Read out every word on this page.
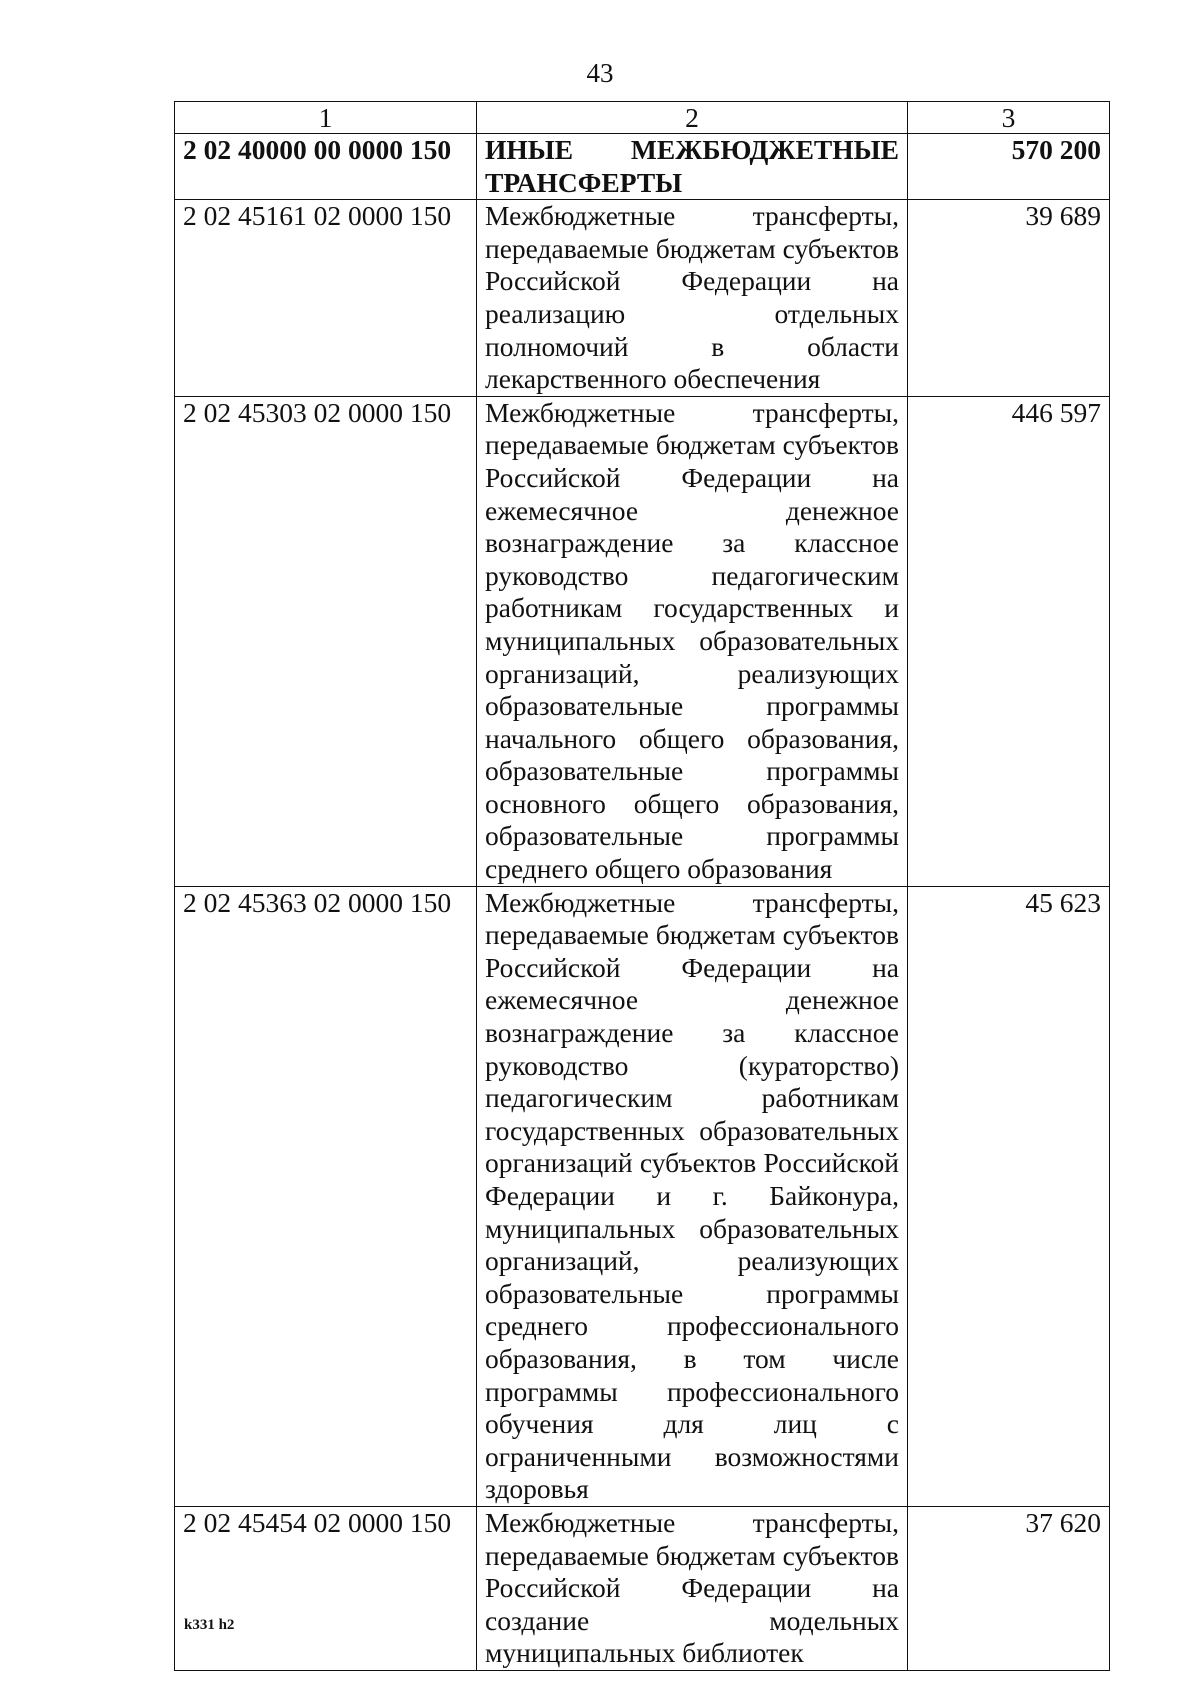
43
1	2	3
2 02 40000 00 0000 150	ИНЫЕ МЕЖБЮДЖЕТНЫЕ ТРАНСФЕРТЫ	570 200
2 02 45161 02 0000 150	Межбюджетные трансферты, передаваемые бюджетам субъектов Российской Федерации на реализацию отдельных полномочий в области лекарственного обеспечения	39 689
2 02 45303 02 0000 150	Межбюджетные трансферты, передаваемые бюджетам субъектов Российской Федерации на ежемесячное денежное вознаграждение за классное руководство педагогическим работникам государственных и муниципальных образовательных организаций, реализующих образовательные программы начального общего образования, образовательные программы основного общего образования, образовательные программы среднего общего образования	446 597
2 02 45363 02 0000 150	Межбюджетные трансферты, передаваемые бюджетам субъектов Российской Федерации на ежемесячное денежное вознаграждение за классное руководство (кураторство) педагогическим работникам государственных образовательных организаций субъектов Российской Федерации и г. Байконура, муниципальных образовательных организаций, реализующих образовательные программы среднего профессионального образования, в том числе программы профессионального обучения для лиц с ограниченными возможностями здоровья	45 623
2 02 45454 02 0000 150	Межбюджетные трансферты, передаваемые бюджетам субъектов Российской Федерации на создание модельных муниципальных библиотек	37 620
k331 h2
